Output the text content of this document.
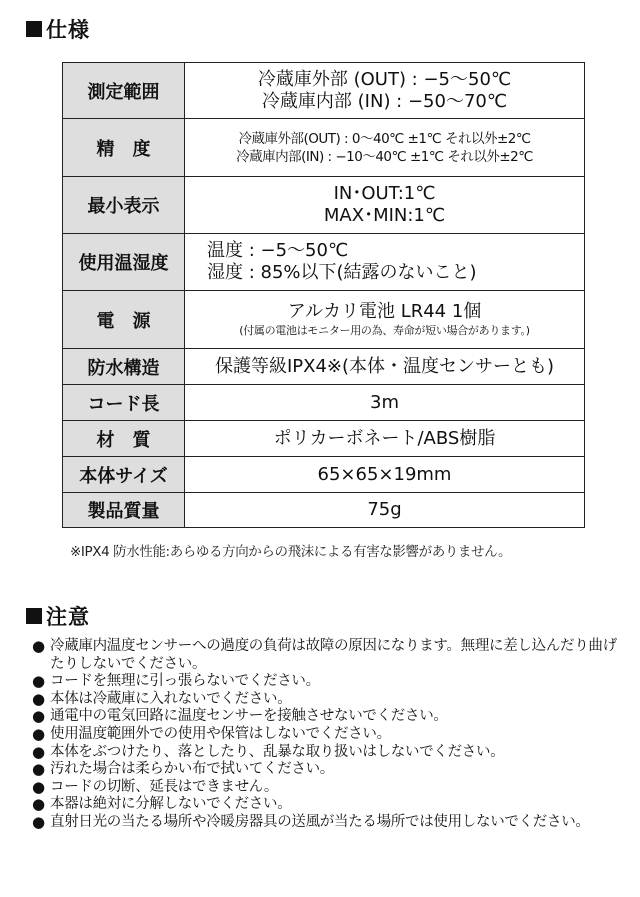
仕様
測定範囲	冷蔵庫外部 (OUT) : −5〜50℃
冷蔵庫内部 (IN) : −50〜70℃

精　度	冷蔵庫外部(OUT) : 0〜40℃ ±1℃ それ以外±2℃
冷蔵庫内部(IN) : −10〜40℃ ±1℃ それ以外±2℃

最小表示	IN･OUT:1℃
MAX･MIN:1℃

使用温湿度	温度 : −5〜50℃
湿度 : 85%以下(結露のないこと)

電　源	アルカリ電池 LR44 1個
(付属の電池はモニター用の為、寿命が短い場合があります。)

防水構造	保護等級IPX4※(本体・温度センサーとも)
コード長	3m
材　質	ポリカーボネート/ABS樹脂
本体サイズ	65×65×19mm
製品質量	75g
※IPX4 防水性能:あらゆる方向からの飛沫による有害な影響がありません。
注意
● 冷蔵庫内温度センサーへの過度の負荷は故障の原因になります。無理に差し込んだり曲げたりしないでください。
● コードを無理に引っ張らないでください。
● 本体は冷蔵庫に入れないでください。
● 通電中の電気回路に温度センサーを接触させないでください。
● 使用温度範囲外での使用や保管はしないでください。
● 本体をぶつけたり、落としたり、乱暴な取り扱いはしないでください。
● 汚れた場合は柔らかい布で拭いてください。
● コードの切断、延長はできません。
● 本器は絶対に分解しないでください。
● 直射日光の当たる場所や冷暖房器具の送風が当たる場所では使用しないでください。
